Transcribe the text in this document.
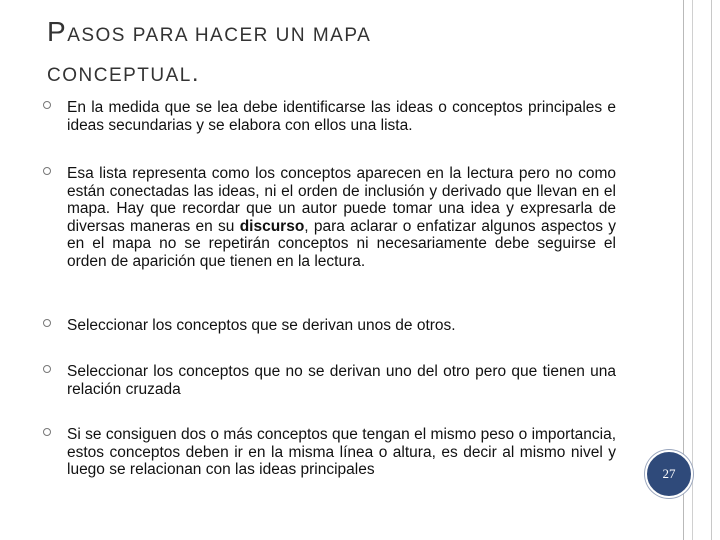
PASOS PARA HACER UN MAPA
CONCEPTUAL.
En la medida que se lea debe identificarse las ideas o conceptos principales e ideas secundarias y se elabora con ellos una lista.
Esa lista representa como los conceptos aparecen en la lectura pero no como están conectadas las ideas, ni el orden de inclusión y derivado que llevan en el mapa. Hay que recordar que un autor puede tomar una idea y expresarla de diversas maneras en su discurso, para aclarar o enfatizar algunos aspectos y en el mapa no se repetirán conceptos ni necesariamente debe seguirse el orden de aparición que tienen en la lectura.
Seleccionar los conceptos que se derivan unos de otros.
Seleccionar los conceptos que no se derivan uno del otro pero que tienen una relación cruzada
Si se consiguen dos o más conceptos que tengan el mismo peso o importancia, estos conceptos deben ir en la misma línea o altura, es decir al mismo nivel y luego se relacionan con las ideas principales	27
